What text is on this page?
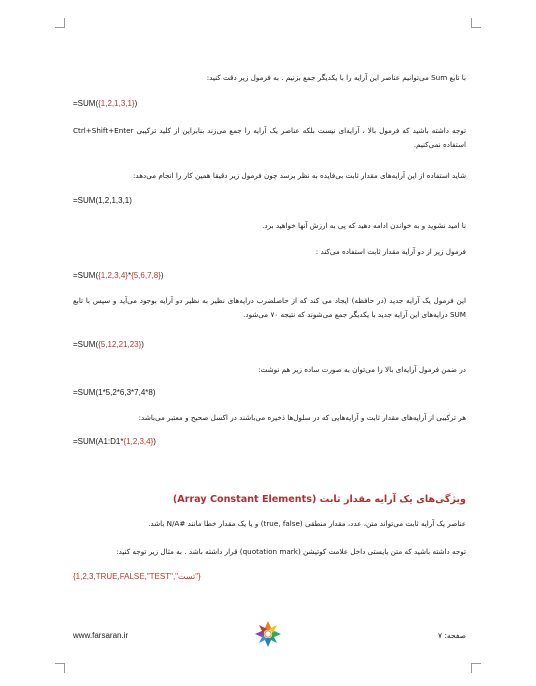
با تابع Sum می‌توانیم عناصر این آرایه را با یکدیگر جمع بزنیم . به فرمول زیر دقت کنید:
=SUM({1,2,1,3,1})
توجه داشته باشید که فرمول بالا ، آرایه‌ای نیست بلکه عناصر یک آرایه را جمع می‌زند بنابراین از کلید ترکیبی Ctrl+Shift+Enter استفاده نمی‌کنیم.
شاید استفاده از این آرایه‌های مقدار ثابت بی‌فایده به نظر برسد چون فرمول زیر دقیقا همین کار را انجام می‌دهد:
=SUM(1,2,1,3,1)
نا امید نشوید و به خواندن ادامه دهید که پی به ارزش آنها خواهید برد.
فرمول زیر از دو آرایه مقدار ثابت استفاده می‌کند :
=SUM({1,2,3,4}*{5,6,7,8})
این فرمول یک آرایه جدید (در حافظه) ایجاد می کند که از حاصلضرب درایه‌های نظیر به نظیر دو آرایه بوجود می‌آید و سپس با تابع SUM درایه‌های این آرایه جدید با یکدیگر جمع می‌شوند که نتیجه ۷۰ می‌شود.
=SUM({5,12,21,23})
در ضمن فرمول آرایه‌ای بالا را می‌توان به صورت ساده زیر هم نوشت:
=SUM(1*5,2*6,3*7,4*8)
هر ترکیبی از آرایه‌های مقدار ثابت و آرایه‌هایی که در سلول‌ها ذخیره می‌باشند در اکسل صحیح و معتبر می‌باشد:
=SUM(A1:D1*{1,2,3,4})
ویژگی‌های یک آرایه مقدار ثابت (Array Constant Elements)
عناصر یک آرایه ثابت می‌تواند متن، عدد، مقدار منطقی (true, false) و یا یک مقدار خطا مانند #N/A باشد.
توجه داشته باشید که متن بایستی داخل علامت کوتیشن (quotation mark) قرار داشته باشد . به مثال زیر توجه کنید:
{1,2,3,TRUE,FALSE,"TEST","تست"}
www.farsaran.ir	صفحه: ۷
